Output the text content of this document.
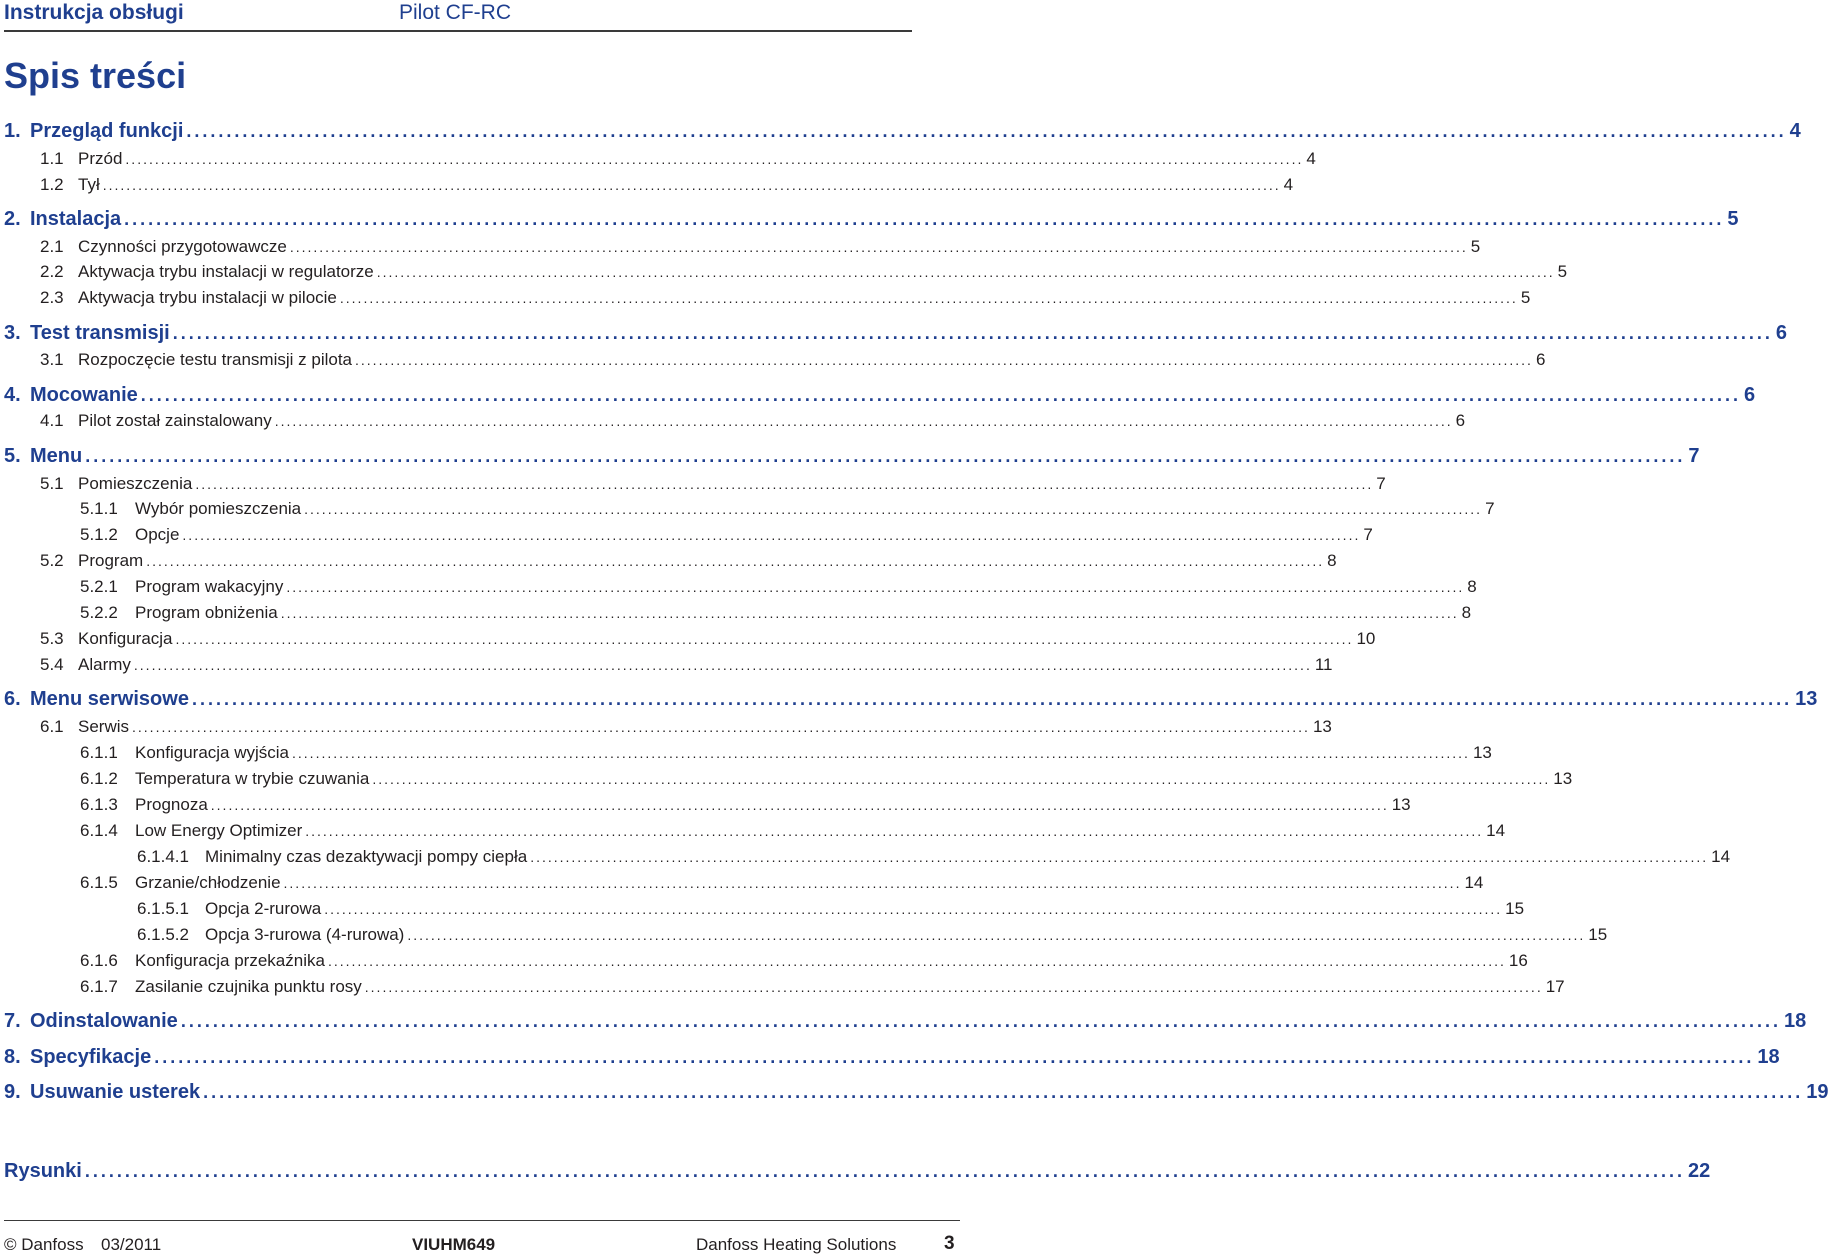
Instrukcja obsługi	Pilot CF-RC
Spis treści
1. Przegląd funkcji ........................................................................................................................................................................................................ 4
1.1 Przód ........................................................................................................................................................................................................ 4
1.2 Tył ........................................................................................................................................................................................................ 4
2. Instalacja ........................................................................................................................................................................................................ 5
2.1 Czynności przygotowawcze ........................................................................................................................................................................................................ 5
2.2 Aktywacja trybu instalacji w regulatorze ........................................................................................................................................................................................................ 5
2.3 Aktywacja trybu instalacji w pilocie ........................................................................................................................................................................................................ 5
3. Test transmisji ........................................................................................................................................................................................................ 6
3.1 Rozpoczęcie testu transmisji z pilota ........................................................................................................................................................................................................ 6
4. Mocowanie ........................................................................................................................................................................................................ 6
4.1 Pilot został zainstalowany ........................................................................................................................................................................................................ 6
5. Menu ........................................................................................................................................................................................................ 7
5.1 Pomieszczenia ........................................................................................................................................................................................................ 7
5.1.1	Wybór pomieszczenia ........................................................................................................................................................................................................ 7
5.1.2	Opcje ........................................................................................................................................................................................................ 7
5.2 Program ........................................................................................................................................................................................................ 8
5.2.1	Program wakacyjny ........................................................................................................................................................................................................ 8
5.2.2	Program obniżenia ........................................................................................................................................................................................................ 8
5.3 Konfiguracja ........................................................................................................................................................................................................ 10
5.4 Alarmy ........................................................................................................................................................................................................ 11
6. Menu serwisowe ........................................................................................................................................................................................................ 13
6.1 Serwis ........................................................................................................................................................................................................ 13
6.1.1	Konfiguracja wyjścia ........................................................................................................................................................................................................ 13
6.1.2	Temperatura w trybie czuwania ........................................................................................................................................................................................................ 13
6.1.3	Prognoza ........................................................................................................................................................................................................ 13
6.1.4	Low Energy Optimizer ........................................................................................................................................................................................................ 14
6.1.4.1 Minimalny czas dezaktywacji pompy ciepła ........................................................................................................................................................................................................ 14
6.1.5	Grzanie/chłodzenie ........................................................................................................................................................................................................ 14
6.1.5.1 Opcja 2-rurowa ........................................................................................................................................................................................................ 15
6.1.5.2 Opcja 3-rurowa (4-rurowa) ........................................................................................................................................................................................................ 15
6.1.6	Konfiguracja przekaźnika ........................................................................................................................................................................................................ 16
6.1.7	Zasilanie czujnika punktu rosy ........................................................................................................................................................................................................ 17
7. Odinstalowanie ........................................................................................................................................................................................................ 18
8. Specyfikacje ........................................................................................................................................................................................................ 18
9. Usuwanie usterek ........................................................................................................................................................................................................ 19
Rysunki ........................................................................................................................................................................................................ 22
© Danfoss 03/2011	VIUHM649	Danfoss Heating Solutions	3
